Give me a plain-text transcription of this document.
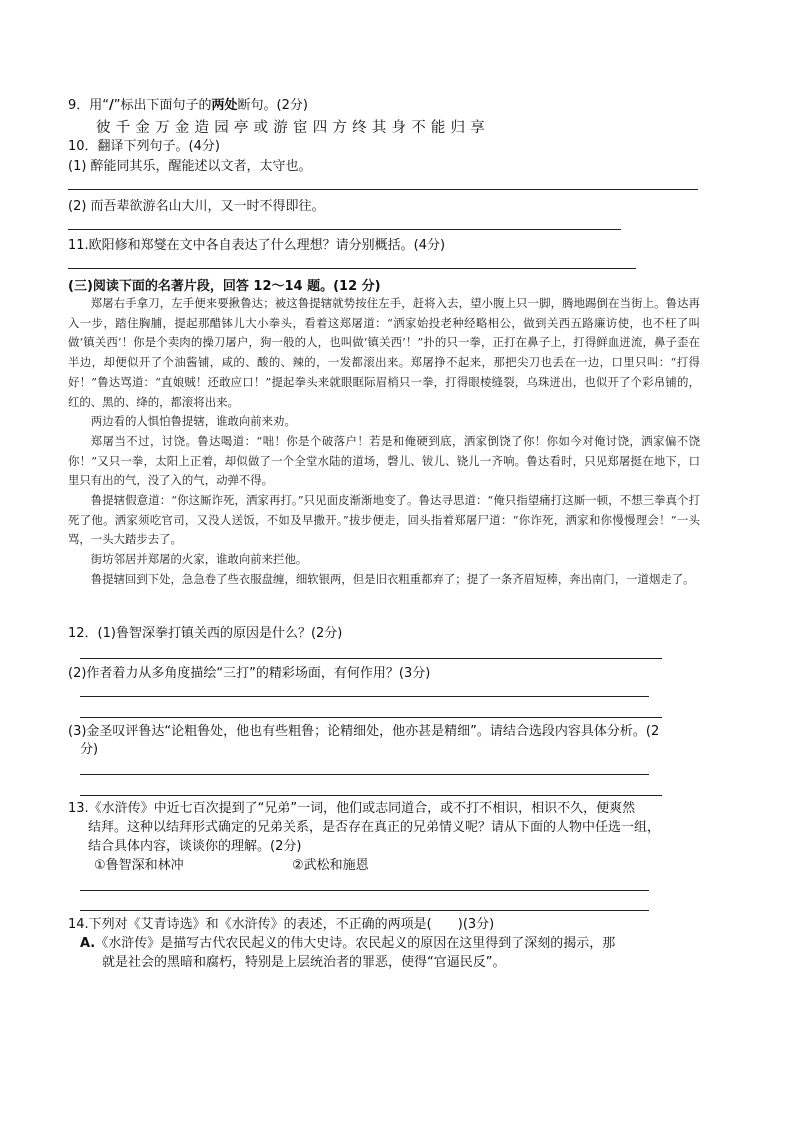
9．用“/”标出下面句子的两处断句。(2分)
彼千金万金造园亭或游宦四方终其身不能归享
10．翻译下列句子。(4分)
(1) 醉能同其乐，醒能述以文者，太守也。
(2) 而吾辈欲游名山大川，又一时不得即往。
11.欧阳修和郑燮在文中各自表达了什么理想？请分别概括。(4分)
(三)阅读下面的名著片段，回答 12～14 题。(12 分)

郑屠右手拿刀，左手便来要揪鲁达；被这鲁提辖就势按住左手，赶将入去，望小腹上只一脚，腾地踢倒在当街上。鲁达再入一步，踏住胸脯，提起那醋钵儿大小拳头，看着这郑屠道：“洒家始投老种经略相公，做到关西五路廉访使，也不枉了叫做‘镇关西’！你是个卖肉的操刀屠户，狗一般的人，也叫做‘镇关西’！”扑的只一拳，正打在鼻子上，打得鲜血迸流，鼻子歪在半边，却便似开了个油酱铺，咸的、酸的、辣的，一发都滚出来。郑屠挣不起来，那把尖刀也丢在一边，口里只叫：“打得好！”鲁达骂道：“直娘贼！还敢应口！”提起拳头来就眼眶际眉梢只一拳，打得眼棱缝裂，乌珠迸出，也似开了个彩帛铺的，红的、黑的、绛的，都滚将出来。

两边看的人惧怕鲁提辖，谁敢向前来劝。

郑屠当不过，讨饶。鲁达喝道：“咄！你是个破落户！若是和俺硬到底，洒家倒饶了你！你如今对俺讨饶，洒家偏不饶你！”又只一拳，太阳上正着，却似做了一个全堂水陆的道场，磬儿、钹儿、铙儿一齐响。鲁达看时，只见郑屠挺在地下，口里只有出的气，没了入的气，动弹不得。

鲁提辖假意道：“你这厮诈死，洒家再打。”只见面皮渐渐地变了。鲁达寻思道：“俺只指望痛打这厮一顿，不想三拳真个打死了他。洒家须吃官司，又没人送饭，不如及早撒开。”拔步便走，回头指着郑屠尸道：“你诈死，洒家和你慢慢理会！”一头骂，一头大踏步去了。

街坊邻居并郑屠的火家，谁敢向前来拦他。

鲁提辖回到下处，急急卷了些衣服盘缠，细软银两，但是旧衣粗重都弃了；提了一条齐眉短棒，奔出南门，一道烟走了。

12．(1)鲁智深拳打镇关西的原因是什么？(2分)
(2)作者着力从多角度描绘“三打”的精彩场面，有何作用？(3分)
(3)金圣叹评鲁达“论粗鲁处，他也有些粗鲁；论精细处，他亦甚是精细”。请结合选段内容具体分析。(2
分)
13.《水浒传》中近七百次提到了“兄弟”一词，他们或志同道合，或不打不相识，相识不久，便爽然
结拜。这种以结拜形式确定的兄弟关系，是否存在真正的兄弟情义呢？请从下面的人物中任选一组，
结合具体内容，谈谈你的理解。(2分)
①鲁智深和林冲	②武松和施恩
14.下列对《艾青诗选》和《水浒传》的表述，不正确的两项是(　　)(3分)
A.《水浒传》是描写古代农民起义的伟大史诗。农民起义的原因在这里得到了深刻的揭示，那
就是社会的黑暗和腐朽，特别是上层统治者的罪恶，使得“官逼民反”。
